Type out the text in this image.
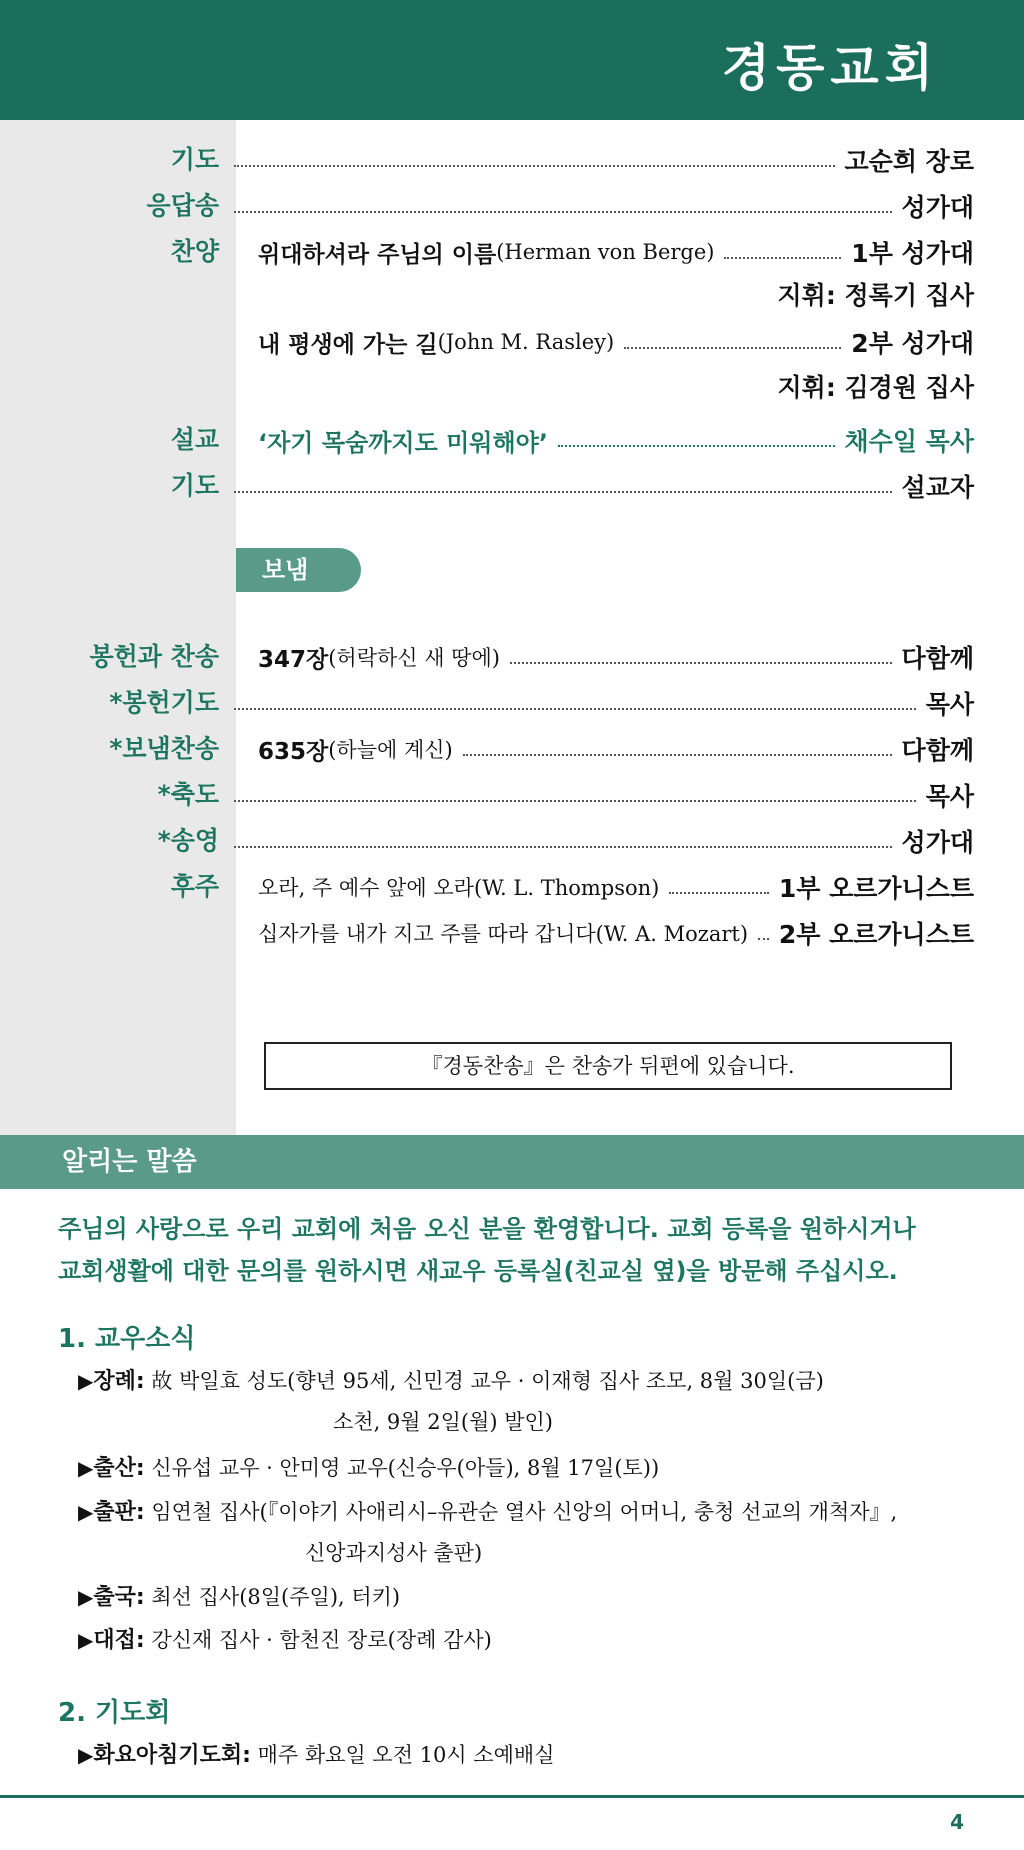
경동교회
기도	고순희 장로
응답송	성가대
찬양 위대하셔라 주님의 이름 (Herman von Berge)	1부 성가대
지휘: 정록기 집사
내 평생에 가는 길 (John M. Rasley)	2부 성가대
지휘: 김경원 집사
설교 ‘자기 목숨까지도 미워해야’	채수일 목사
기도	설교자
보냄
봉헌과 찬송 347장 (허락하신 새 땅에)	다함께
*봉헌기도	목사
*보냄찬송 635장 (하늘에 계신)	다함께
*축도	목사
*송영	성가대
후주 오라, 주 예수 앞에 오라(W. L. Thompson)	1부 오르가니스트
십자가를 내가 지고 주를 따라 갑니다(W. A. Mozart) 2부 오르가니스트
『경동찬송』은 찬송가 뒤편에 있습니다.
알리는 말씀
주님의 사랑으로 우리 교회에 처음 오신 분을 환영합니다. 교회 등록을 원하시거나
교회생활에 대한 문의를 원하시면 새교우 등록실(친교실 옆)을 방문해 주십시오.
1. 교우소식
▶장례: 故 박일효 성도(향년 95세, 신민경 교우 · 이재형 집사 조모, 8월 30일(금)
소천, 9월 2일(월) 발인)
▶출산: 신유섭 교우 · 안미영 교우(신승우(아들), 8월 17일(토))
▶출판: 임연철 집사(『이야기 사애리시–유관순 열사 신앙의 어머니, 충청 선교의 개척자』,
신앙과지성사 출판)
▶출국: 최선 집사(8일(주일), 터키)
▶대접: 강신재 집사 · 함천진 장로(장례 감사)
2. 기도회
▶화요아침기도회: 매주 화요일 오전 10시 소예배실
4
